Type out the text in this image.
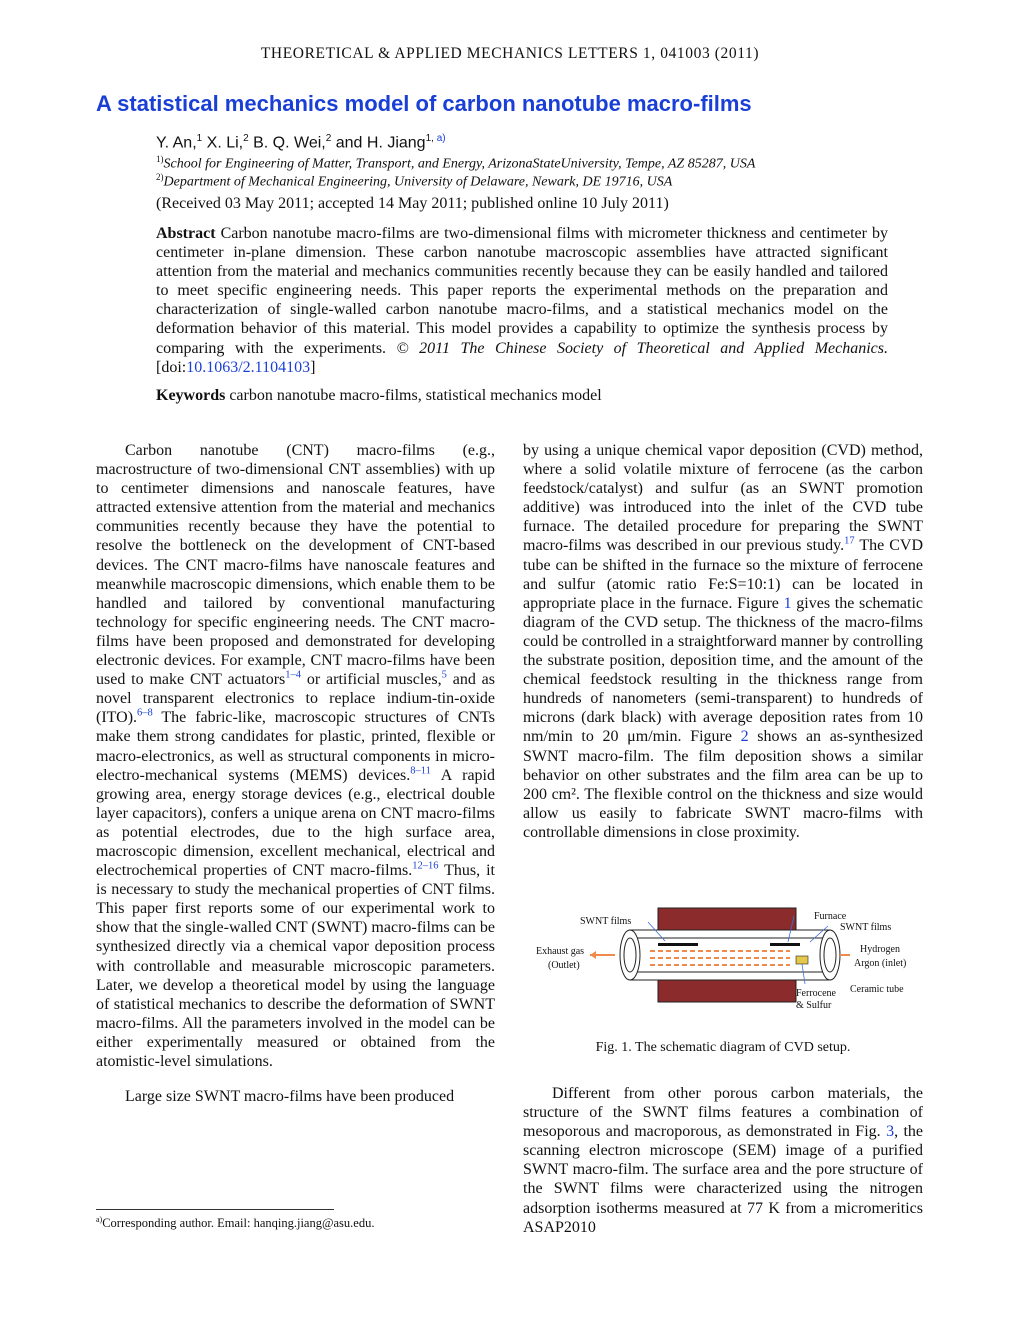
THEORETICAL & APPLIED MECHANICS LETTERS 1, 041003 (2011)
A statistical mechanics model of carbon nanotube macro-films
Y. An,$^1$ X. Li,$^2$ B. Q. Wei,$^2$ and H. Jiang$^{1,}$ $^{a)}$
$^{1)}$School for Engineering of Matter, Transport, and Energy, ArizonaStateUniversity, Tempe, AZ 85287, USA
$^{2)}$Department of Mechanical Engineering, University of Delaware, Newark, DE 19716, USA
(Received 03 May 2011; accepted 14 May 2011; published online 10 July 2011)
Abstract Carbon nanotube macro-films are two-dimensional films with micrometer thickness and centimeter by centimeter in-plane dimension. These carbon nanotube macroscopic assemblies have attracted significant attention from the material and mechanics communities recently because they can be easily handled and tailored to meet specific engineering needs. This paper reports the experimental methods on the preparation and characterization of single-walled carbon nanotube macro-films, and a statistical mechanics model on the deformation behavior of this material. This model provides a capability to optimize the synthesis process by comparing with the experiments. © 2011 The Chinese Society of Theoretical and Applied Mechanics. [doi:10.1063/2.1104103]
Keywords carbon nanotube macro-films, statistical mechanics model

Carbon nanotube (CNT) macro-films (e.g., macrostructure of two-dimensional CNT assemblies) with up to centimeter dimensions and nanoscale features, have attracted extensive attention from the material and mechanics communities recently because they have the potential to resolve the bottleneck on the development of CNT-based devices. The CNT macro-films have nanoscale features and meanwhile macroscopic dimensions, which enable them to be handled and tailored by conventional manufacturing technology for specific engineering needs. The CNT macro-films have been proposed and demonstrated for developing electronic devices. For example, CNT macro-films have been used to make CNT actuators$^{1-4}$ or artificial muscles,$^5$ and as novel transparent electronics to replace indium-tin-oxide (ITO).$^{6-8}$ The fabric-like, macroscopic structures of CNTs make them strong candidates for plastic, printed, flexible or macro-electronics, as well as structural components in micro-electro-mechanical systems (MEMS) devices.$^{8-11}$ A rapid growing area, energy storage devices (e.g., electrical double layer capacitors), confers a unique arena on CNT macro-films as potential electrodes, due to the high surface area, macroscopic dimension, excellent mechanical, electrical and electrochemical properties of CNT macro-films.$^{12-16}$ Thus, it is necessary to study the mechanical properties of CNT films. This paper first reports some of our experimental work to show that the single-walled CNT (SWNT) macro-films can be synthesized directly via a chemical vapor deposition process with controllable and measurable microscopic parameters. Later, we develop a theoretical model by using the language of statistical mechanics to describe the deformation of SWNT macro-films. All the parameters involved in the model can be either experimentally measured or obtained from the atomistic-level simulations.

Large size SWNT macro-films have been produced

by using a unique chemical vapor deposition (CVD) method, where a solid volatile mixture of ferrocene (as the carbon feedstock/catalyst) and sulfur (as an SWNT promotion additive) was introduced into the inlet of the CVD tube furnace. The detailed procedure for preparing the SWNT macro-films was described in our previous study.$^{17}$ The CVD tube can be shifted in the furnace so the mixture of ferrocene and sulfur (atomic ratio Fe:S=10:1) can be located in appropriate place in the furnace. Figure 1 gives the schematic diagram of the CVD setup. The thickness of the macro-films could be controlled in a straightforward manner by controlling the substrate position, deposition time, and the amount of the chemical feedstock resulting in the thickness range from hundreds of nanometers (semi-transparent) to hundreds of microns (dark black) with average deposition rates from 10 nm/min to 20 μm/min. Figure 2 shows an as-synthesized SWNT macro-film. The film deposition shows a similar behavior on other substrates and the film area can be up to 200 cm². The flexible control on the thickness and size would allow us easily to fabricate SWNT macro-films with controllable dimensions in close proximity.

SWNT films	Furnace
SWNT films
Exhaust gas
(Outlet)
Hydrogen
Argon (inlet)
Ferrocene
& Sulfur
Ceramic tube
Fig. 1. The schematic diagram of CVD setup.

Different from other porous carbon materials, the structure of the SWNT films features a combination of mesoporous and macroporous, as demonstrated in Fig. 3, the scanning electron microscope (SEM) image of a purified SWNT macro-film. The surface area and the pore structure of the SWNT films were characterized using the nitrogen adsorption isotherms measured at 77 K from a micromeritics ASAP2010

$^{a)}$Corresponding author. Email: hanqing.jiang@asu.edu.
